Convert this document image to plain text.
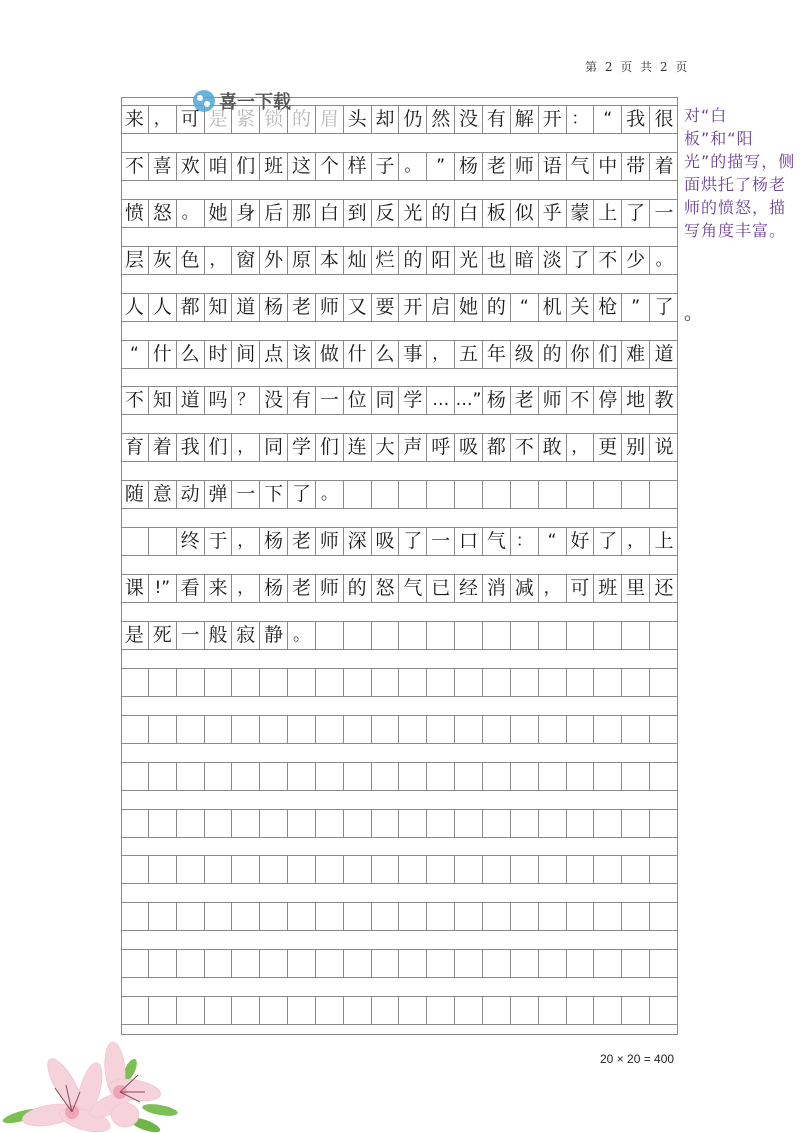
第 2 页 共 2 页
来 ， 可 是 紧 锁 的 眉 头 却 仍 然 没 有 解 开 ： “ 我 很
不 喜 欢 咱 们 班 这 个 样 子 。 ” 杨 老 师 语 气 中 带 着
愤 怒 。 她 身 后 那 白 到 反 光 的 白 板 似 乎 蒙 上 了 一
层 灰 色 ， 窗 外 原 本 灿 烂 的 阳 光 也 暗 淡 了 不 少 。
人 人 都 知 道 杨 老 师 又 要 开 启 她 的 “ 机 关 枪 ” 了
“ 什 么 时 间 点 该 做 什 么 事 ， 五 年 级 的 你 们 难 道
不 知 道 吗 ？ 没 有 一 位 同 学 … …” 杨 老 师 不 停 地 教
育 着 我 们 ， 同 学 们 连 大 声 呼 吸 都 不 敢 ， 更 别 说
随 意 动 弹 一 下 了 。
终 于 ， 杨 老 师 深 吸 了 一 口 气 ： “ 好 了 ， 上
课 !” 看 来 ， 杨 老 师 的 怒 气 已 经 消 减 ， 可 班 里 还
是 死 一 般 寂 静 。
。
喜一下载
对“白板”和“阳光”的描写，侧面烘托了杨老师的愤怒，描写角度丰富。
20 × 20 = 400
